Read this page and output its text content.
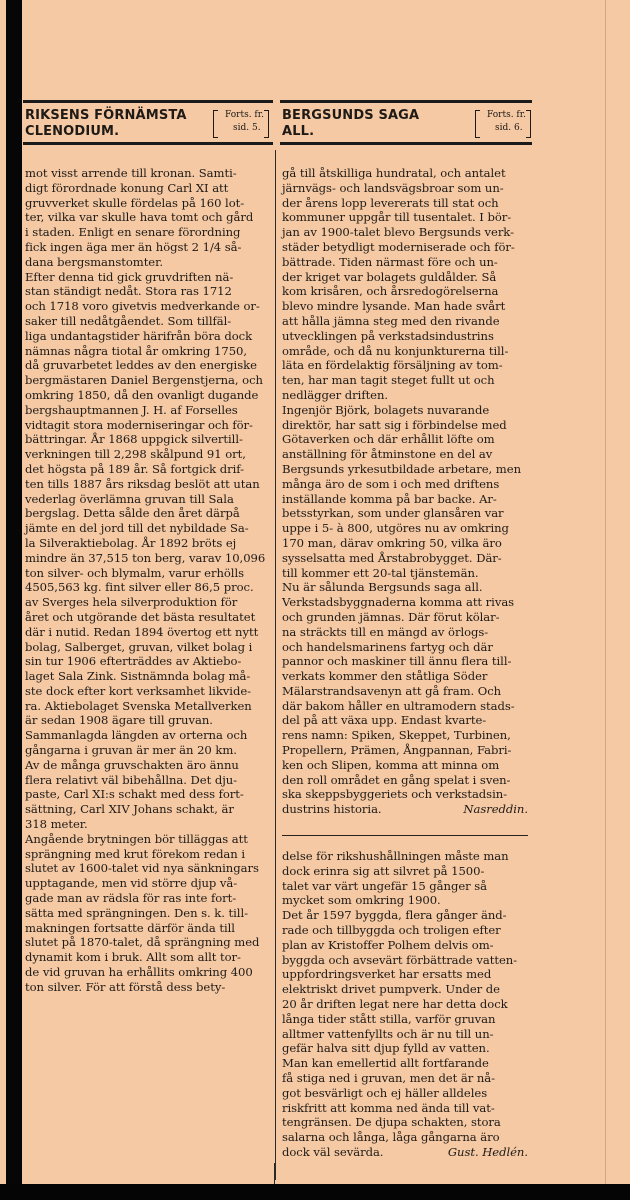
RIKSENS FÖRNÄMSTA
CLENODIUM.
Forts. fr.
sid. 5.
BERGSUNDS SAGA
ALL.
Forts. fr.
sid. 6.
mot visst arrende till kronan. Samti-
digt förordnade konung Carl XI att
gruvverket skulle fördelas på 160 lot-
ter, vilka var skulle hava tomt och gård
i staden. Enligt en senare förordning
fick ingen äga mer än högst 2 1/4 så-
dana bergsmanstomter.
Efter denna tid gick gruvdriften nä-
stan ständigt nedåt. Stora ras 1712
och 1718 voro givetvis medverkande or-
saker till nedåtgåendet. Som tillfäl-
liga undantagstider härifrån böra dock
nämnas några tiotal år omkring 1750,
då gruvarbetet leddes av den energiske
bergmästaren Daniel Bergenstjerna, och
omkring 1850, då den ovanligt dugande
bergshauptmannen J. H. af Forselles
vidtagit stora moderniseringar och för-
bättringar. År 1868 uppgick silvertill-
verkningen till 2,298 skålpund 91 ort,
det högsta på 189 år. Så fortgick drif-
ten tills 1887 års riksdag beslöt att utan
vederlag överlämna gruvan till Sala
bergslag. Detta sålde den året därpå
jämte en del jord till det nybildade Sa-
la Silveraktiebolag. År 1892 bröts ej
mindre än 37,515 ton berg, varav 10,096
ton silver- och blymalm, varur erhölls
4505,563 kg. fint silver eller 86,5 proc.
av Sverges hela silverproduktion för
året och utgörande det bästa resultatet
där i nutid. Redan 1894 övertog ett nytt
bolag, Salberget, gruvan, vilket bolag i
sin tur 1906 efterträddes av Aktiebo-
laget Sala Zink. Sistnämnda bolag må-
ste dock efter kort verksamhet likvide-
ra. Aktiebolaget Svenska Metallverken
är sedan 1908 ägare till gruvan.
Sammanlagda längden av orterna och
gångarna i gruvan är mer än 20 km.
Av de många gruvschakten äro ännu
flera relativt väl bibehållna. Det dju-
paste, Carl XI:s schakt med dess fort-
sättning, Carl XIV Johans schakt, är
318 meter.
Angående brytningen bör tilläggas att
sprängning med krut förekom redan i
slutet av 1600-talet vid nya sänkningars
upptagande, men vid större djup vå-
gade man av rädsla för ras inte fort-
sätta med sprängningen. Den s. k. till-
makningen fortsatte därför ända till
slutet på 1870-talet, då sprängning med
dynamit kom i bruk. Allt som allt tor-
de vid gruvan ha erhållits omkring 400
ton silver. För att förstå dess bety-
gå till åtskilliga hundratal, och antalet
järnvägs- och landsvägsbroar som un-
der årens lopp levererats till stat och
kommuner uppgår till tusentalet. I bör-
jan av 1900-talet blevo Bergsunds verk-
städer betydligt moderniserade och för-
bättrade. Tiden närmast före och un-
der kriget var bolagets guldålder. Så
kom krisåren, och årsredogörelserna
blevo mindre lysande. Man hade svårt
att hålla jämna steg med den rivande
utvecklingen på verkstadsindustrins
område, och då nu konjunkturerna till-
läta en fördelaktig försäljning av tom-
ten, har man tagit steget fullt ut och
nedlägger driften.
Ingenjör Björk, bolagets nuvarande
direktör, har satt sig i förbindelse med
Götaverken och där erhållit löfte om
anställning för åtminstone en del av
Bergsunds yrkesutbildade arbetare, men
många äro de som i och med driftens
inställande komma på bar backe. Ar-
betsstyrkan, som under glansåren var
uppe i 5- à 800, utgöres nu av omkring
170 man, därav omkring 50, vilka äro
sysselsatta med Årstabrobygget. Där-
till kommer ett 20-tal tjänstemän.
Nu är sålunda Bergsunds saga all.
Verkstadsbyggnaderna komma att rivas
och grunden jämnas. Där förut kölar-
na sträckts till en mängd av örlogs-
och handelsmarinens fartyg och där
pannor och maskiner till ännu flera till-
verkats kommer den ståtliga Söder
Mälarstrandsavenyn att gå fram. Och
där bakom håller en ultramodern stads-
del på att växa upp. Endast kvarte-
rens namn: Spiken, Skeppet, Turbinen,
Propellern, Prämen, Ångpannan, Fabri-
ken och Slipen, komma att minna om
den roll området en gång spelat i sven-
ska skeppsbyggeriets och verkstadsin-
dustrins historia.	Nasreddin.
delse för rikshushållningen måste man
dock erinra sig att silvret på 1500-
talet var värt ungefär 15 gånger så
mycket som omkring 1900.
Det år 1597 byggda, flera gånger änd-
rade och tillbyggda och troligen efter
plan av Kristoffer Polhem delvis om-
byggda och avsevärt förbättrade vatten-
uppfordringsverket har ersatts med
elektriskt drivet pumpverk. Under de
20 år driften legat nere har detta dock
långa tider stått stilla, varför gruvan
alltmer vattenfyllts och är nu till un-
gefär halva sitt djup fylld av vatten.
Man kan emellertid allt fortfarande
få stiga ned i gruvan, men det är nå-
got besvärligt och ej häller alldeles
riskfritt att komma ned ända till vat-
tengränsen. De djupa schakten, stora
salarna och långa, låga gångarna äro
dock väl sevärda.	Gust. Hedlén.
